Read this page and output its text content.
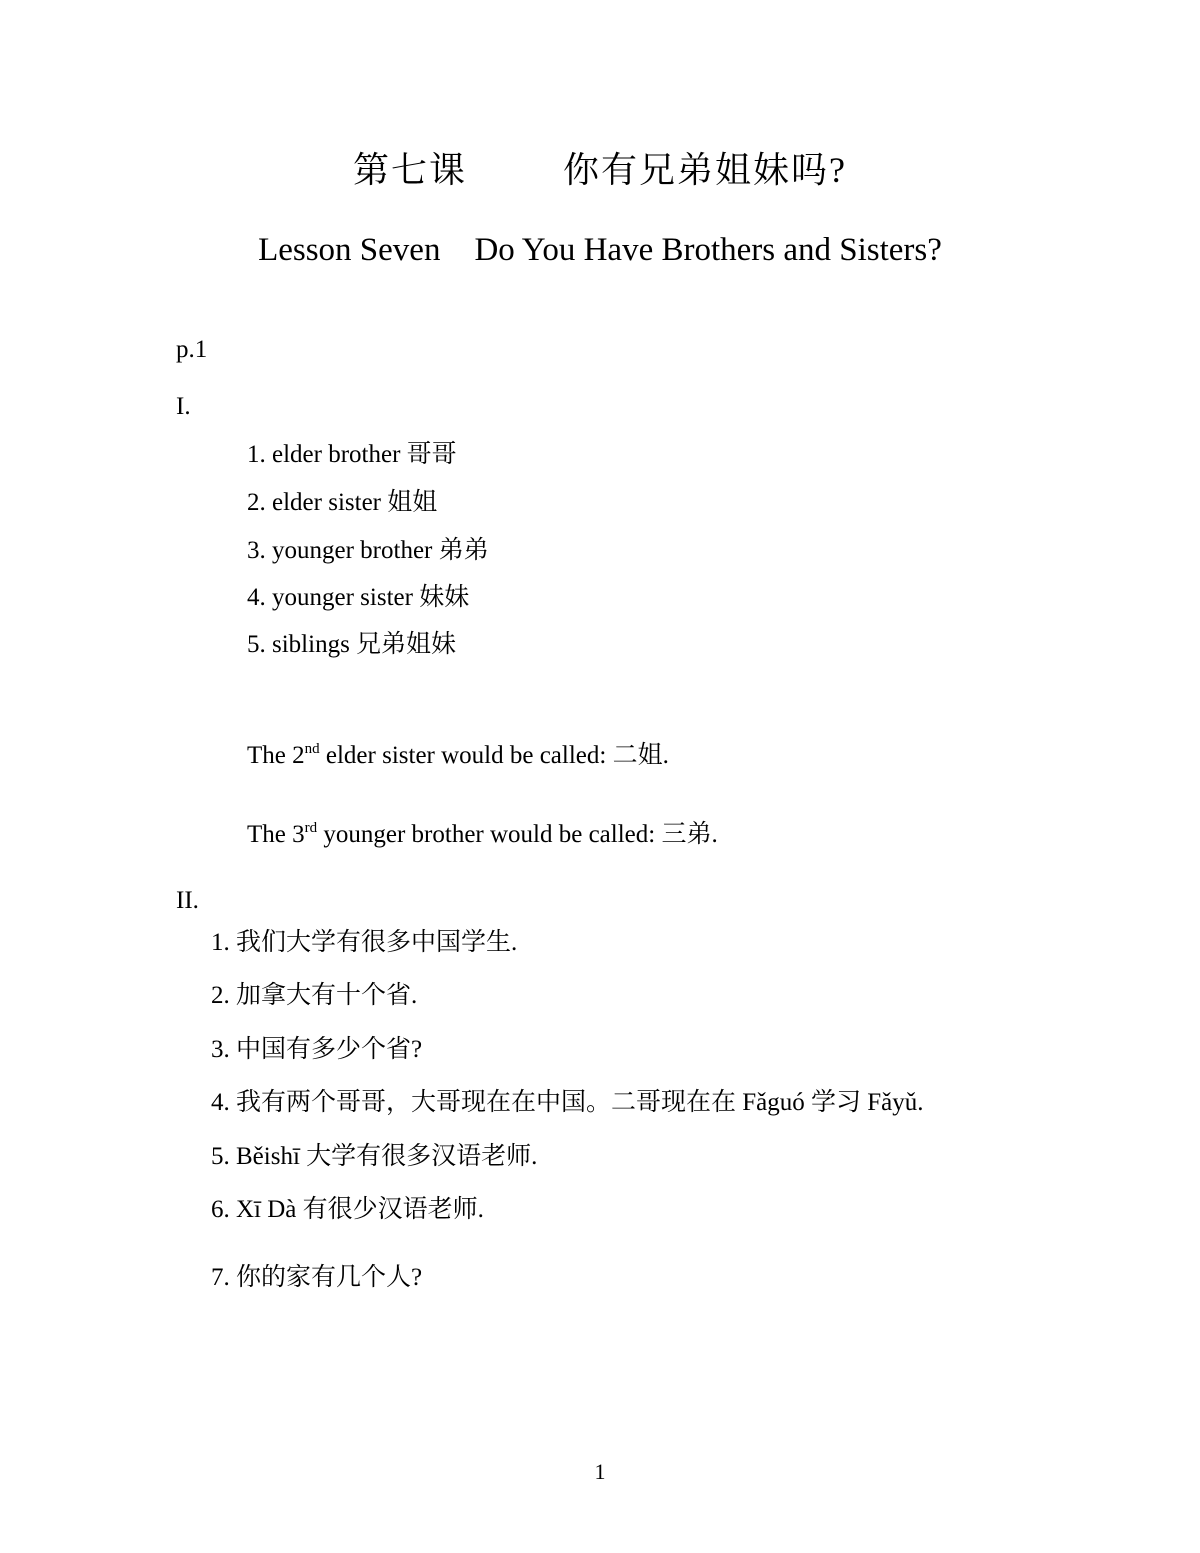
第七课	你有兄弟姐妹吗?
Lesson Seven Do You Have Brothers and Sisters?
p.1
I.
1. elder brother 哥哥
2. elder sister 姐姐
3. younger brother 弟弟
4. younger sister 妹妹
5. siblings 兄弟姐妹
The 2nd elder sister would be called: 二姐.
The 3rd younger brother would be called: 三弟.
II.
1. 我们大学有很多中国学生.
2. 加拿大有十个省.
3. 中国有多少个省?
4. 我有两个哥哥，大哥现在在中国。二哥现在在 Fǎguó 学习 Fǎyǔ.
5. Běishī 大学有很多汉语老师.
6. Xī Dà 有很少汉语老师.
7. 你的家有几个人?
1
